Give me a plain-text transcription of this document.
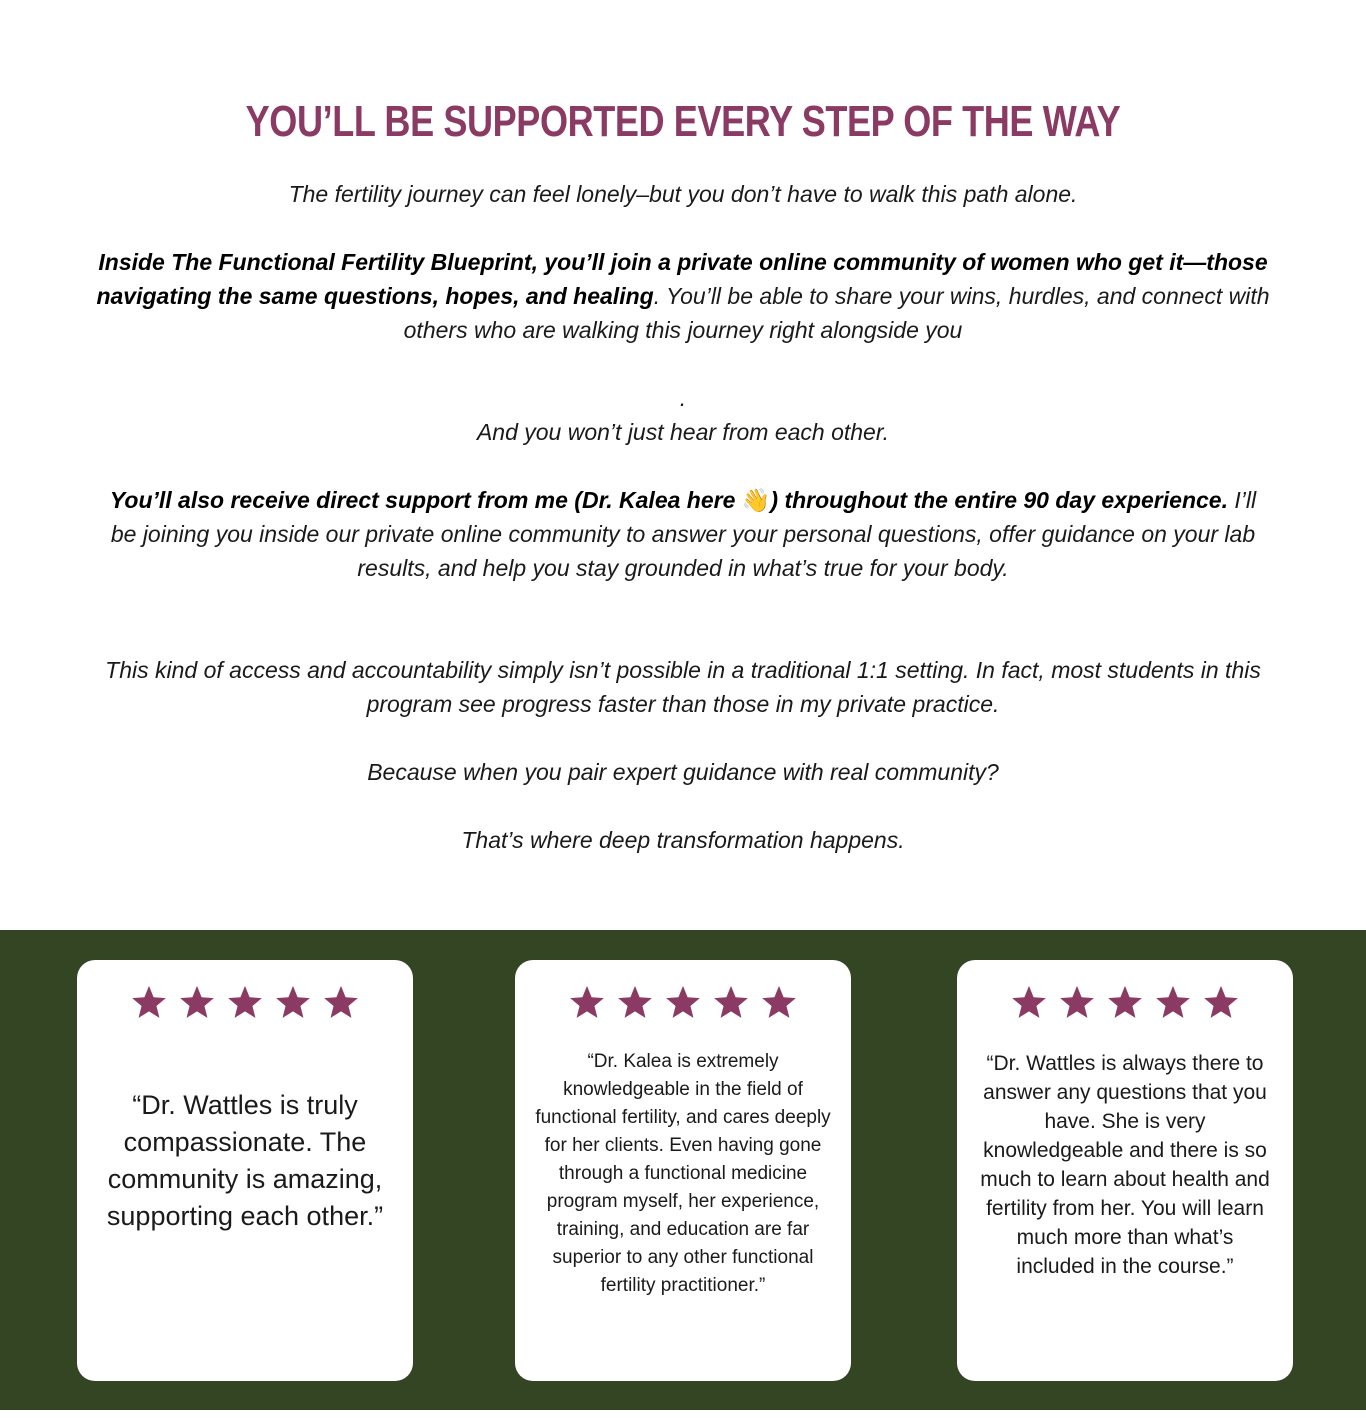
YOU’LL BE SUPPORTED EVERY STEP OF THE WAY

The fertility journey can feel lonely–but you don’t have to walk this path alone.

Inside The Functional Fertility Blueprint, you’ll join a private online community of women who get it—those navigating the same questions, hopes, and healing. You’ll be able to share your wins, hurdles, and connect with others who are walking this journey right alongside you

.

And you won’t just hear from each other.

You’ll also receive direct support from me (Dr. Kalea here 👋) throughout the entire 90 day experience. I’ll be joining you inside our private online community to answer your personal questions, offer guidance on your lab results, and help you stay grounded in what’s true for your body.

This kind of access and accountability simply isn’t possible in a traditional 1:1 setting. In fact, most students in this program see progress faster than those in my private practice.

Because when you pair expert guidance with real community?

That’s where deep transformation happens.

“Dr. Wattles is truly compassionate. The community is amazing, supporting each other.”

“Dr. Kalea is extremely knowledgeable in the field of functional fertility, and cares deeply for her clients. Even having gone through a functional medicine program myself, her experience, training, and education are far superior to any other functional fertility practitioner.”

“Dr. Wattles is always there to answer any questions that you have. She is very knowledgeable and there is so much to learn about health and fertility from her. You will learn much more than what’s included in the course.”
